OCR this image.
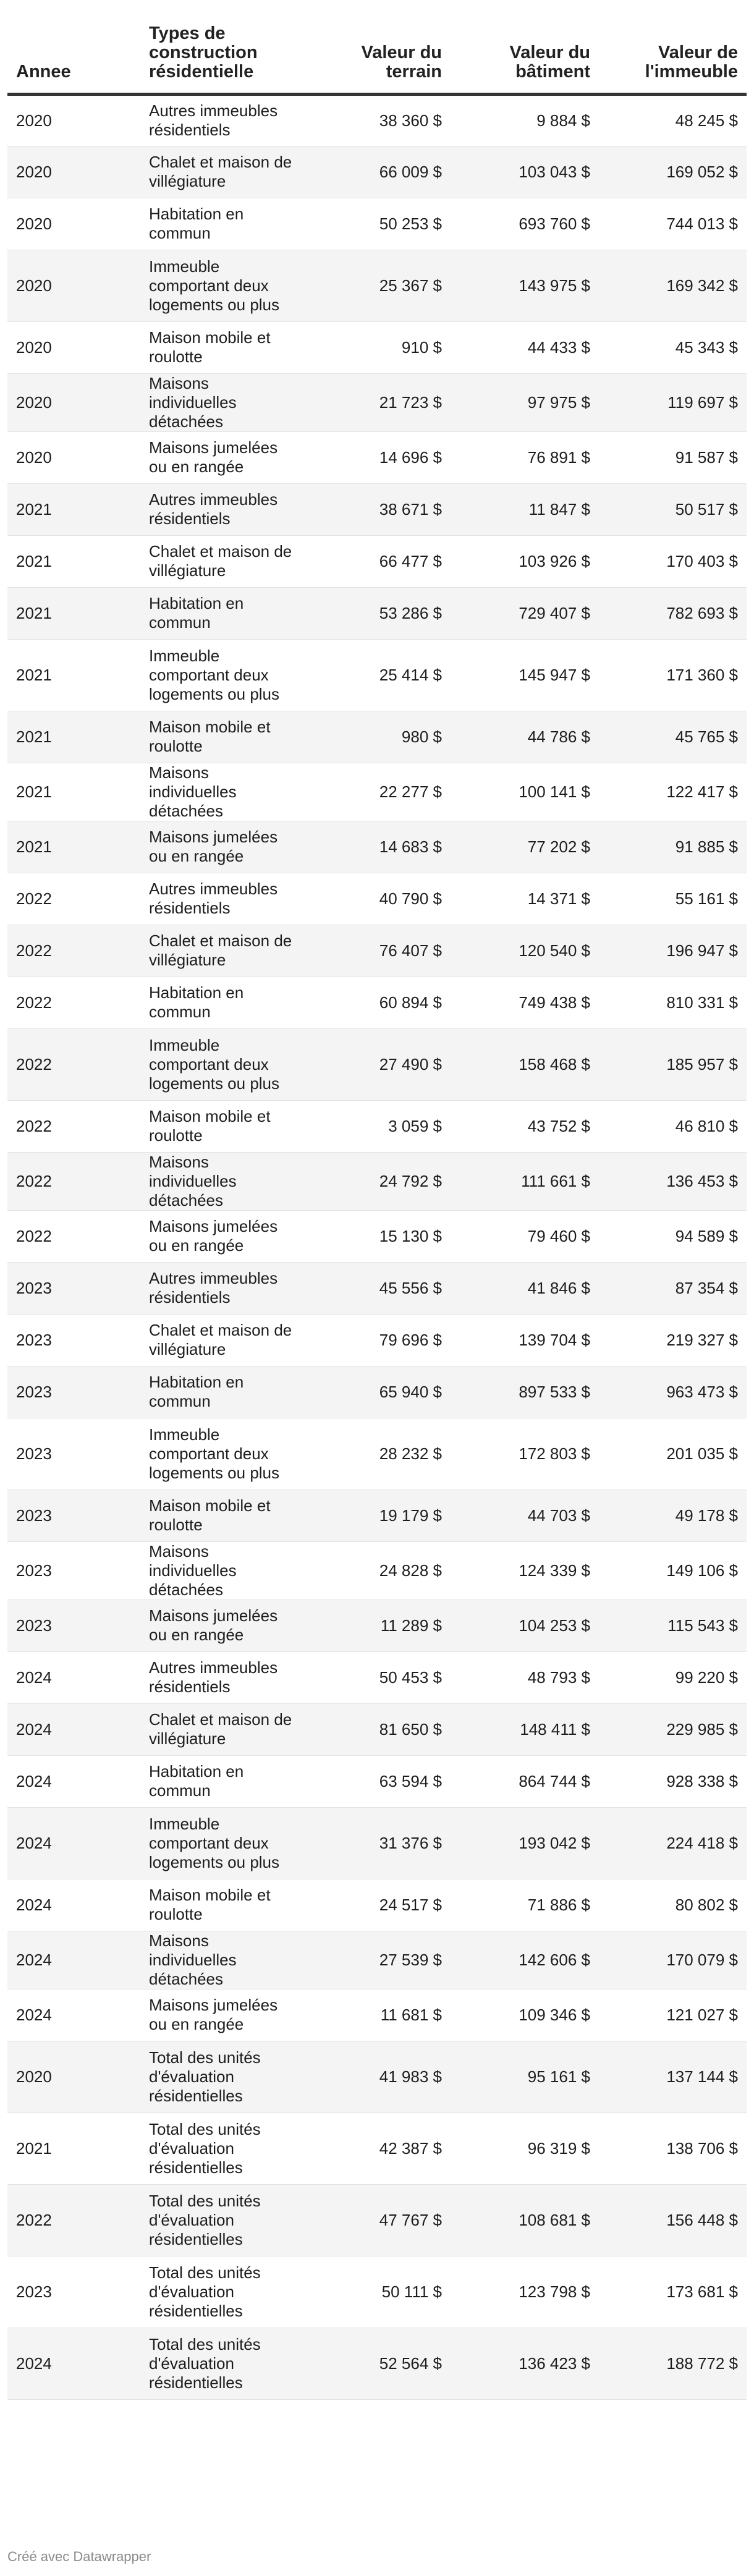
Annee	Types de construction résidentielle	Valeur du terrain	Valeur du bâtiment	Valeur de l'immeuble
2020	Autres immeubles résidentiels	38 360 $	9 884 $	48 245 $
2020	Chalet et maison de villégiature	66 009 $	103 043 $	169 052 $
2020	Habitation en commun	50 253 $	693 760 $	744 013 $
2020	Immeuble comportant deux logements ou plus	25 367 $	143 975 $	169 342 $
2020	Maison mobile et roulotte	910 $	44 433 $	45 343 $
2020	Maisons individuelles détachées	21 723 $	97 975 $	119 697 $
2020	Maisons jumelées ou en rangée	14 696 $	76 891 $	91 587 $
2021	Autres immeubles résidentiels	38 671 $	11 847 $	50 517 $
2021	Chalet et maison de villégiature	66 477 $	103 926 $	170 403 $
2021	Habitation en commun	53 286 $	729 407 $	782 693 $
2021	Immeuble comportant deux logements ou plus	25 414 $	145 947 $	171 360 $
2021	Maison mobile et roulotte	980 $	44 786 $	45 765 $
2021	Maisons individuelles détachées	22 277 $	100 141 $	122 417 $
2021	Maisons jumelées ou en rangée	14 683 $	77 202 $	91 885 $
2022	Autres immeubles résidentiels	40 790 $	14 371 $	55 161 $
2022	Chalet et maison de villégiature	76 407 $	120 540 $	196 947 $
2022	Habitation en commun	60 894 $	749 438 $	810 331 $
2022	Immeuble comportant deux logements ou plus	27 490 $	158 468 $	185 957 $
2022	Maison mobile et roulotte	3 059 $	43 752 $	46 810 $
2022	Maisons individuelles détachées	24 792 $	111 661 $	136 453 $
2022	Maisons jumelées ou en rangée	15 130 $	79 460 $	94 589 $
2023	Autres immeubles résidentiels	45 556 $	41 846 $	87 354 $
2023	Chalet et maison de villégiature	79 696 $	139 704 $	219 327 $
2023	Habitation en commun	65 940 $	897 533 $	963 473 $
2023	Immeuble comportant deux logements ou plus	28 232 $	172 803 $	201 035 $
2023	Maison mobile et roulotte	19 179 $	44 703 $	49 178 $
2023	Maisons individuelles détachées	24 828 $	124 339 $	149 106 $
2023	Maisons jumelées ou en rangée	11 289 $	104 253 $	115 543 $
2024	Autres immeubles résidentiels	50 453 $	48 793 $	99 220 $
2024	Chalet et maison de villégiature	81 650 $	148 411 $	229 985 $
2024	Habitation en commun	63 594 $	864 744 $	928 338 $
2024	Immeuble comportant deux logements ou plus	31 376 $	193 042 $	224 418 $
2024	Maison mobile et roulotte	24 517 $	71 886 $	80 802 $
2024	Maisons individuelles détachées	27 539 $	142 606 $	170 079 $
2024	Maisons jumelées ou en rangée	11 681 $	109 346 $	121 027 $
2020	Total des unités d'évaluation résidentielles	41 983 $	95 161 $	137 144 $
2021	Total des unités d'évaluation résidentielles	42 387 $	96 319 $	138 706 $
2022	Total des unités d'évaluation résidentielles	47 767 $	108 681 $	156 448 $
2023	Total des unités d'évaluation résidentielles	50 111 $	123 798 $	173 681 $
2024	Total des unités d'évaluation résidentielles	52 564 $	136 423 $	188 772 $
Créé avec Datawrapper
